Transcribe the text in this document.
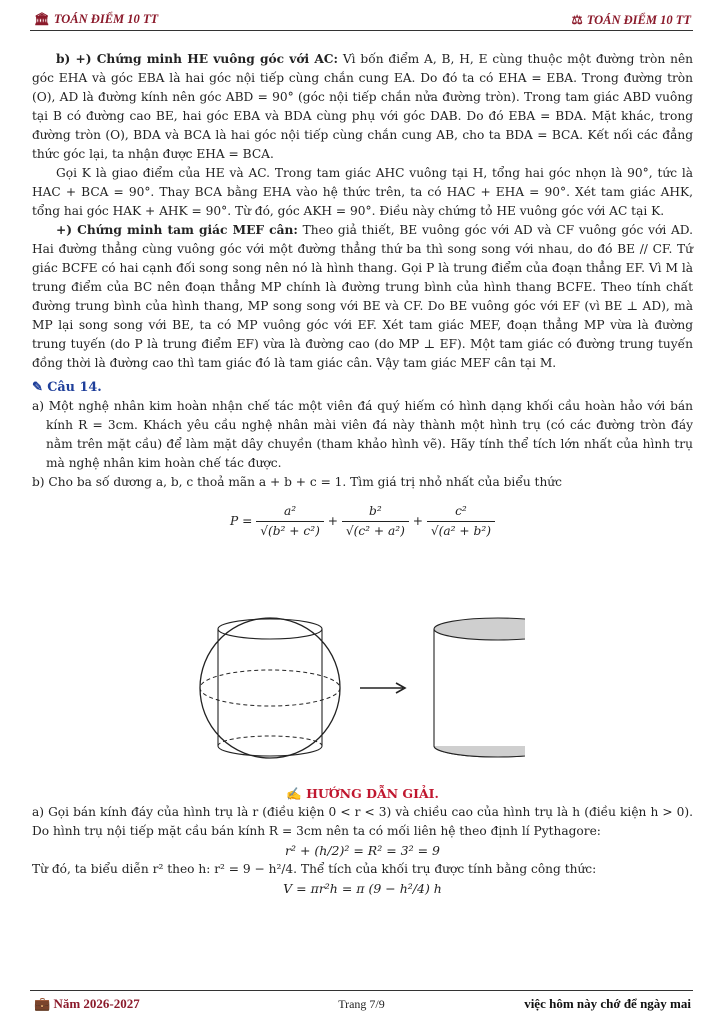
🏛 TOÁN ĐIỂM 10 TT	⚖ TOÁN ĐIỂM 10 TT

b) +) Chứng minh HE vuông góc với AC: Vì bốn điểm A, B, H, E cùng thuộc một đường tròn nên góc EHA và góc EBA là hai góc nội tiếp cùng chắn cung EA. Do đó ta có EHA = EBA. Trong đường tròn (O), AD là đường kính nên góc ABD = 90° (góc nội tiếp chắn nửa đường tròn). Trong tam giác ABD vuông tại B có đường cao BE, hai góc EBA và BDA cùng phụ với góc DAB. Do đó EBA = BDA. Mặt khác, trong đường tròn (O), BDA và BCA là hai góc nội tiếp cùng chắn cung AB, cho ta BDA = BCA. Kết nối các đẳng thức góc lại, ta nhận được EHA = BCA.

Gọi K là giao điểm của HE và AC. Trong tam giác AHC vuông tại H, tổng hai góc nhọn là 90°, tức là HAC + BCA = 90°. Thay BCA bằng EHA vào hệ thức trên, ta có HAC + EHA = 90°. Xét tam giác AHK, tổng hai góc HAK + AHK = 90°. Từ đó, góc AKH = 90°. Điều này chứng tỏ HE vuông góc với AC tại K.

+) Chứng minh tam giác MEF cân: Theo giả thiết, BE vuông góc với AD và CF vuông góc với AD. Hai đường thẳng cùng vuông góc với một đường thẳng thứ ba thì song song với nhau, do đó BE // CF. Tứ giác BCFE có hai cạnh đối song song nên nó là hình thang. Gọi P là trung điểm của đoạn thẳng EF. Vì M là trung điểm của BC nên đoạn thẳng MP chính là đường trung bình của hình thang BCFE. Theo tính chất đường trung bình của hình thang, MP song song với BE và CF. Do BE vuông góc với EF (vì BE ⊥ AD), mà MP lại song song với BE, ta có MP vuông góc với EF. Xét tam giác MEF, đoạn thẳng MP vừa là đường trung tuyến (do P là trung điểm EF) vừa là đường cao (do MP ⊥ EF). Một tam giác có đường trung tuyến đồng thời là đường cao thì tam giác đó là tam giác cân. Vậy tam giác MEF cân tại M.

✎ Câu 14.

a) Một nghệ nhân kim hoàn nhận chế tác một viên đá quý hiếm có hình dạng khối cầu hoàn hảo với bán kính R = 3cm. Khách yêu cầu nghệ nhân mài viên đá này thành một hình trụ (có các đường tròn đáy nằm trên mặt cầu) để làm mặt dây chuyền (tham khảo hình vẽ). Hãy tính thể tích lớn nhất của hình trụ mà nghệ nhân kim hoàn chế tác được.

b) Cho ba số dương a, b, c thoả mãn a + b + c = 1. Tìm giá trị nhỏ nhất của biểu thức

$P = \frac{\text{a²}}{\text{√(b² + c²)}} + \frac{\text{b²}}{\text{√(c² + a²)}} + \frac{\text{c²}}{\text{√(a² + b²)}}$
✍ HƯỚNG DẪN GIẢI.

a) Gọi bán kính đáy của hình trụ là r (điều kiện 0 < r < 3) và chiều cao của hình trụ là h (điều kiện h > 0). Do hình trụ nội tiếp mặt cầu bán kính R = 3cm nên ta có mối liên hệ theo định lí Pythagore:

r² + (h/2)² = R² = 3² = 9

Từ đó, ta biểu diễn r² theo h: r² = 9 − h²/4. Thể tích của khối trụ được tính bằng công thức:

V = πr²h = π (9 − h²/4) h

💼 Năm 2026-2027	Trang 7/9	việc hôm này chớ để ngày mai
